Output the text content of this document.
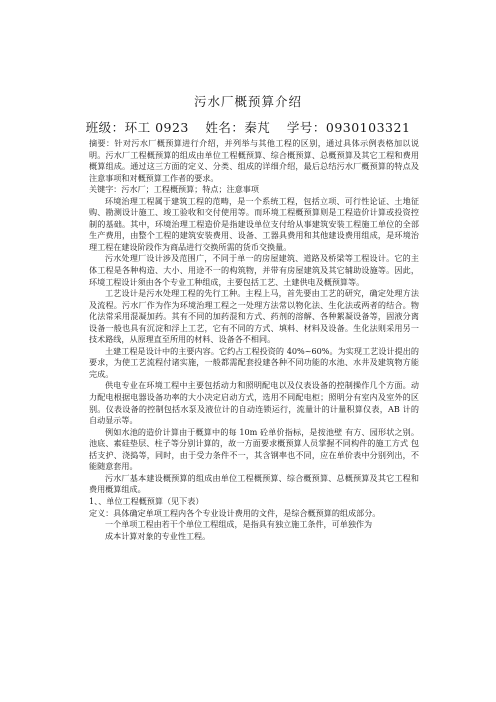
污水厂概预算介绍
班级：环工 0923 姓名：秦芃 学号：0930103321

摘要：针对污水厂概预算进行介绍，并列举与其他工程的区别，通过具体示例表格加以说明。污水厂工程概预算的组成由单位工程概预算、综合概预算、总概预算及其它工程和费用概算组成。通过这三方面的定义、分类、组成的详细介绍，最后总结污水厂概预算的特点及注意事项和对概预算工作者的要求。

关键字：污水厂；工程概预算；特点；注意事项

环境治理工程属于建筑工程的范畴，是一个系统工程，包括立项、可行性论证、土地征购、勘测设计施工、竣工验收和交付使用等。而环境工程概预算则是工程造价计算或投资控制的基础。其中，环境治理工程造价是指建设单位支付给从事建筑安装工程施工单位的全部生产费用，由整个工程的建筑安装费用、设备、工器具费用和其他建设费用组成，是环境治理工程在建设阶段作为商品进行交换所需的货币交换量。

污水处理厂设计涉及范围广，不同于单一的房屋建筑、道路及桥梁等工程设计。它的主体工程是各种构造、大小、用途不一的构筑物，并带有房屋建筑及其它辅助设施等。因此，环境工程设计须由各个专业工种组成，主要包括工艺、土建供电及概预算等。

工艺设计是污水处理工程的先行工种。主程上马，首先要由工艺的研究，确定处理方法及流程。污水厂作为作为环境治理工程之一处理方法常以物化法、生化法或两者的结合。物化法常采用混凝加药。其有不同的加药混和方式、药剂的溶解、各种絮凝设备等，固液分离设备一般也具有沉淀和浮上工艺，它有不同的方式、填料、材料及设备。生化法则采用另一技术路线，从原理直至所用的材料、设备各不相同。

土建工程是设计中的主要内容。它约占工程投资的 40%~60%。为实现工艺设计提出的要求，为使工艺流程付诸实施，一般都需配套投建各种不同功能的水池、水井及建筑物方能完成。

供电专业在环境工程中主要包括动力和照明配电以及仪表设备的控制操作几个方面。动力配电根据电器设备功率的大小决定启动方式，选用不同配电柜；照明分有室内及室外的区别。仪表设备的控制包括水泵及液位计的自动连锁运行，流量计的计量积算仪表，AB 计的自动显示等。

例如水池的造价计算由于概算中的每 10m 砼单价指标，是按池壁 有方、园形状之别。池底、素硅垫层、柱子等分别计算的，故一方面要求概预算人员掌握不同构件的施工方式 包括支护、浇捣等，同时，由于受力条件不一，其含钢率也不同，应在单价表中分别列出，不能随意套用。

污水厂基本建设概预算的组成由单位工程概预算、综合概预算、总概预算及其它工程和费用概算组成。

1、、单位工程概预算（见下表）

定义：具体确定单项工程内各个专业设计费用的文件，是综合概预算的组成部分。

一个单项工程由若干个单位工程组成，是指具有独立施工条件，可单独作为

成本计算对象的专业性工程。
